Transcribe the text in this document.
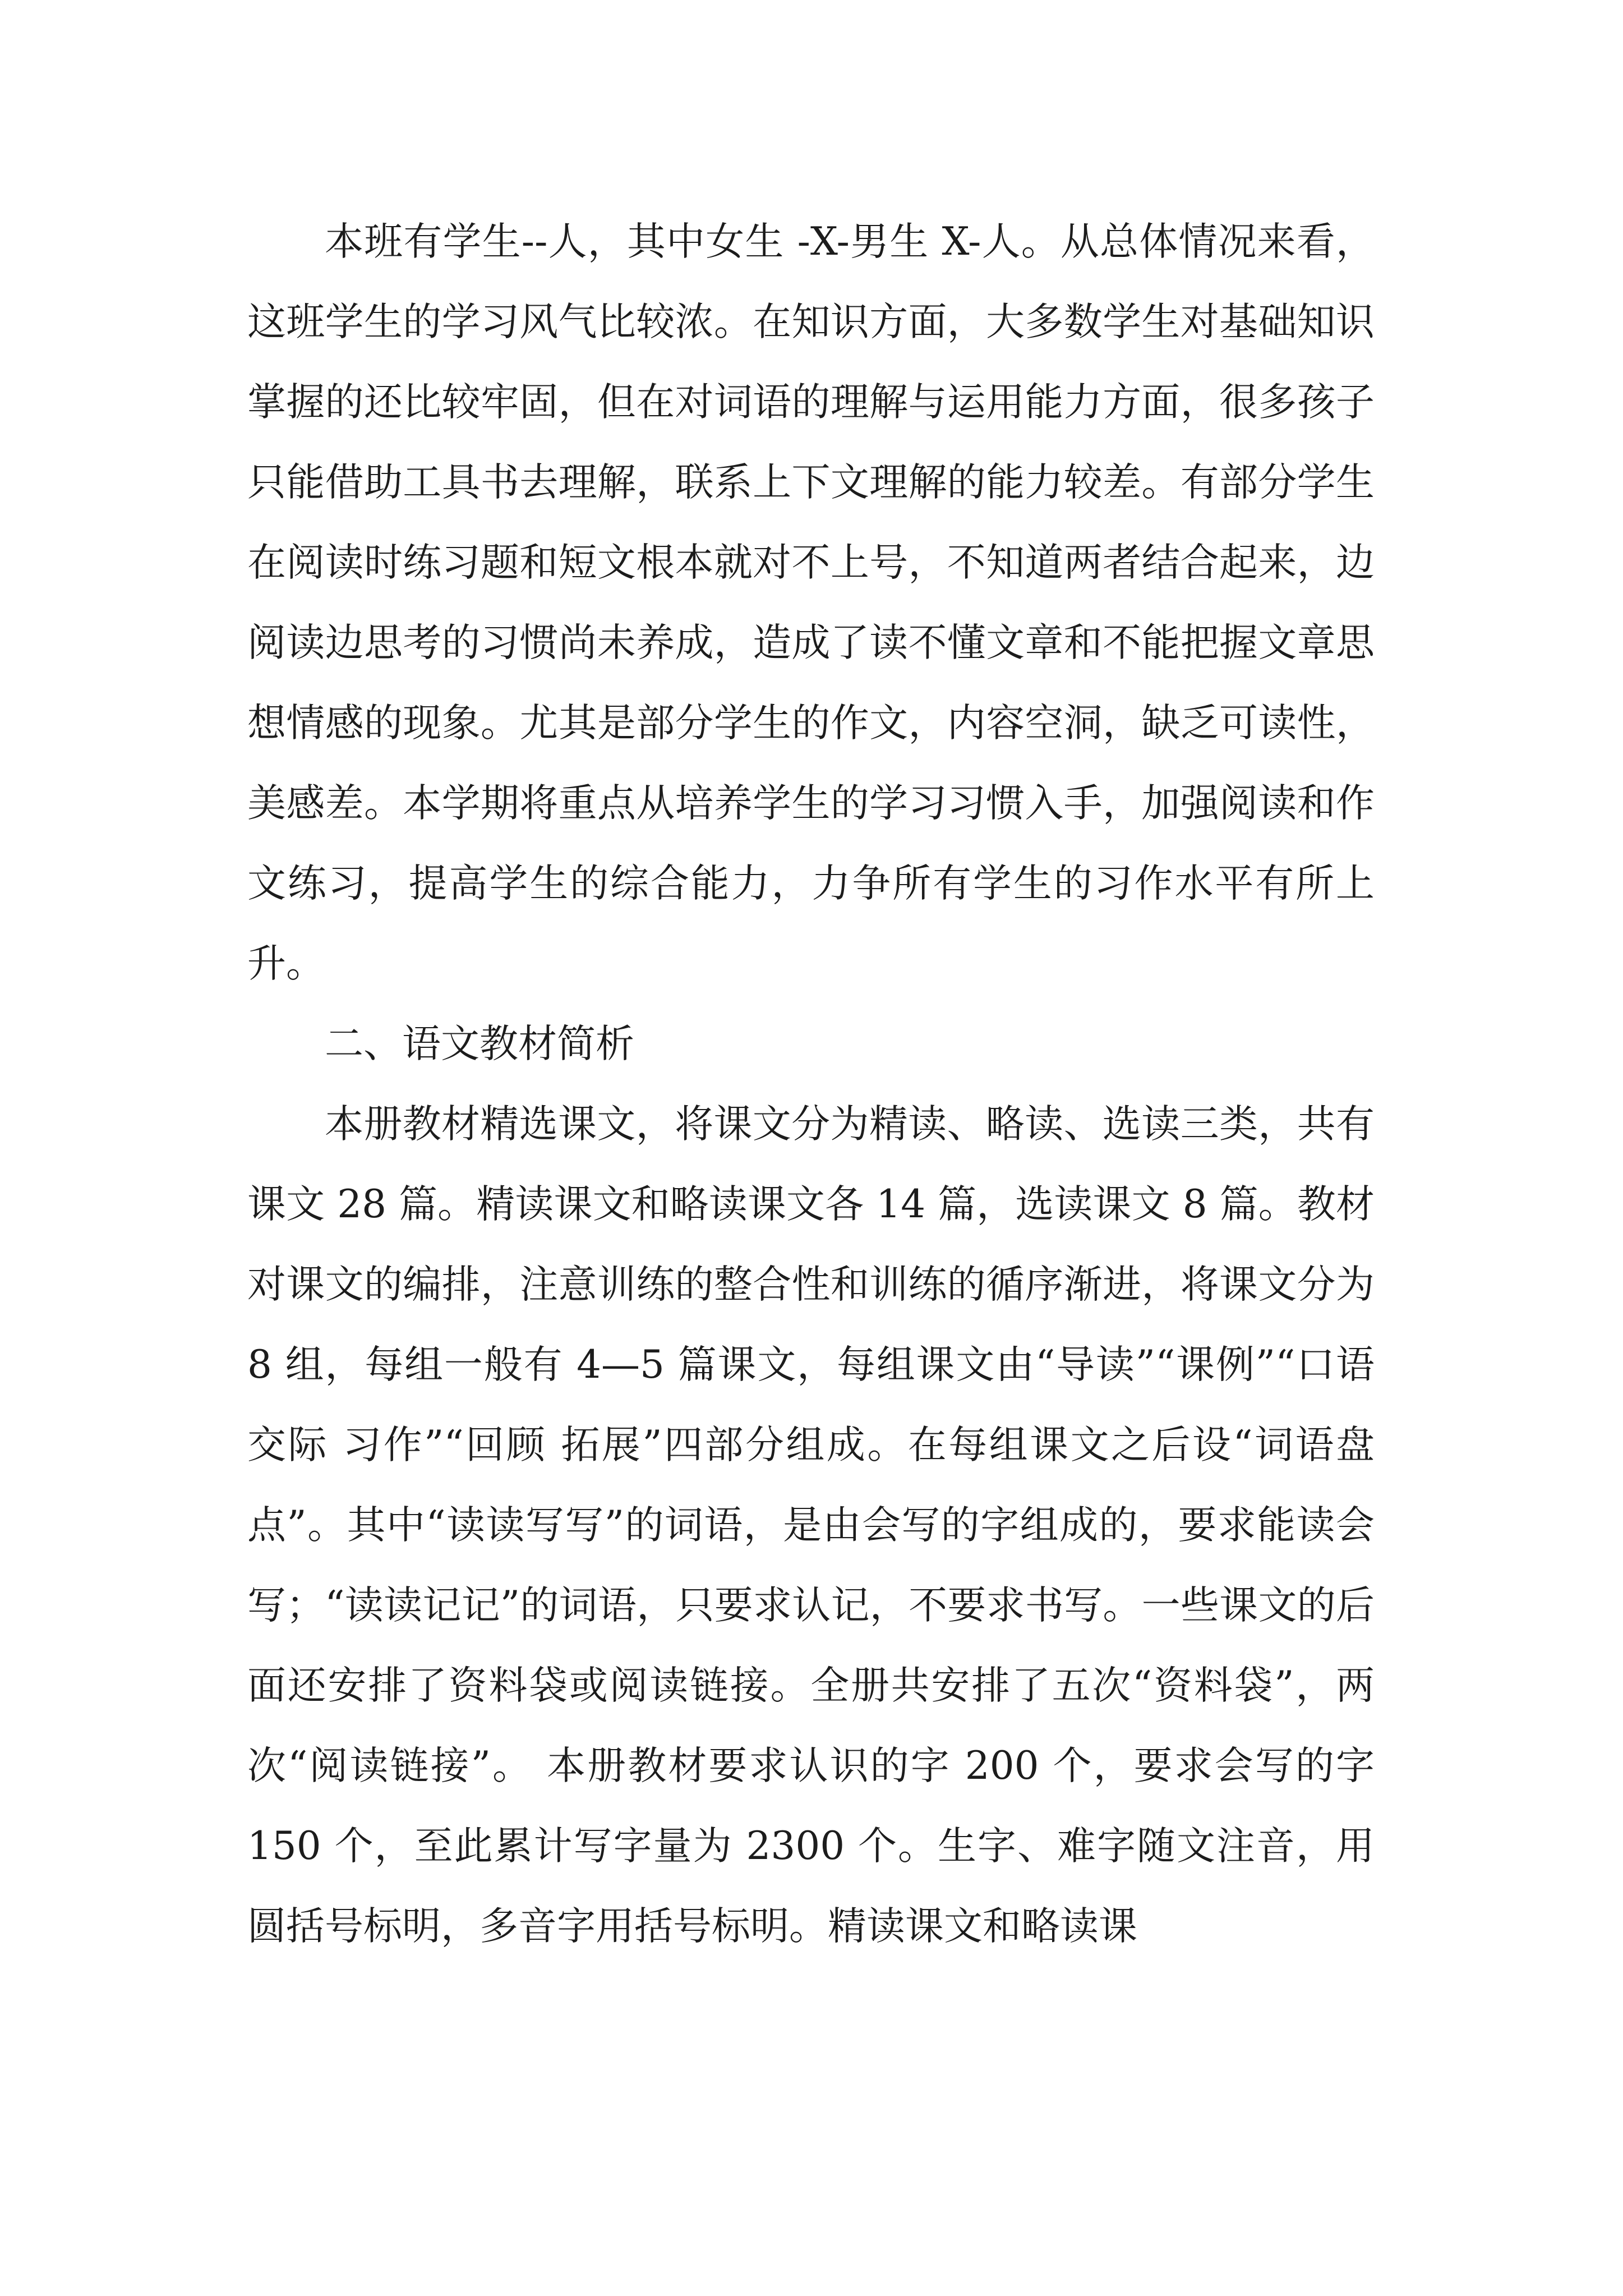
本班有学生--人，其中女生 -X-男生 X-人。从总体情况来看，这班学生的学习风气比较浓。在知识方面，大多数学生对基础知识掌握的还比较牢固，但在对词语的理解与运用能力方面，很多孩子只能借助工具书去理解，联系上下文理解的能力较差。有部分学生在阅读时练习题和短文根本就对不上号，不知道两者结合起来，边阅读边思考的习惯尚未养成，造成了读不懂文章和不能把握文章思想情感的现象。尤其是部分学生的作文，内容空洞，缺乏可读性，美感差。本学期将重点从培养学生的学习习惯入手，加强阅读和作文练习，提高学生的综合能力，力争所有学生的习作水平有所上升。

二、语文教材简析

本册教材精选课文，将课文分为精读、略读、选读三类，共有课文 28 篇。精读课文和略读课文各 14 篇，选读课文 8 篇。教材对课文的编排，注意训练的整合性和训练的循序渐进，将课文分为 8 组，每组一般有 4—5 篇课文，每组课文由“导读”“课例”“口语交际 习作”“回顾 拓展”四部分组成。在每组课文之后设“词语盘点”。其中“读读写写”的词语，是由会写的字组成的，要求能读会写；“读读记记”的词语，只要求认记，不要求书写。一些课文的后面还安排了资料袋或阅读链接。全册共安排了五次“资料袋”，两次“阅读链接”。 本册教材要求认识的字 200 个，要求会写的字 150 个，至此累计写字量为 2300 个。生字、难字随文注音，用圆括号标明，多音字用括号标明。精读课文和略读课
